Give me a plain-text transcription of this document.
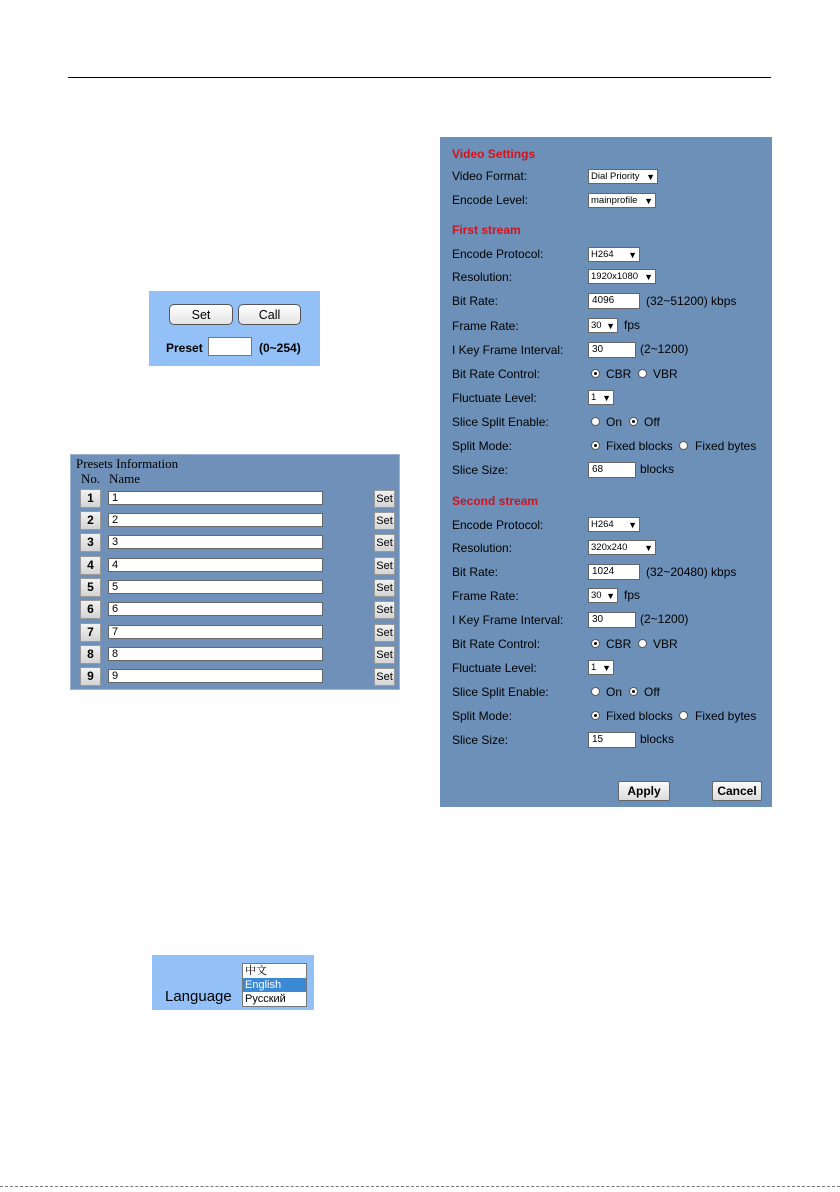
Set	Call
Preset	(0~254)
Presets Information
No. Name
1	1	Set
2	2	Set
3	3	Set
4	4	Set
5	5	Set
6	6	Set
7	7	Set
8	8	Set
9	9	Set
Video Settings
Video Format:	Dial Priority ▼
Encode Level:	mainprofile ▼
First stream
Encode Protocol:	H264 ▼
Resolution:	1920x1080 ▼
Bit Rate:	4096	(32~51200) kbps
Frame Rate:	30 ▼ fps
I Key Frame Interval:	30	(2~1200)
Bit Rate Control:	CBR VBR
Fluctuate Level:	1 ▼
Slice Split Enable:	On Off
Split Mode:	Fixed blocks Fixed bytes
Slice Size:	68	blocks
Second stream
Encode Protocol:	H264 ▼
Resolution:	320x240 ▼
Bit Rate:	1024	(32~20480) kbps
Frame Rate:	30 ▼ fps
I Key Frame Interval:	30	(2~1200)
Bit Rate Control:	CBR VBR
Fluctuate Level:	1 ▼
Slice Split Enable:	On Off
Split Mode:	Fixed blocks Fixed bytes
Slice Size:	15	blocks
Apply	Cancel
Language
中文
English
Русский
